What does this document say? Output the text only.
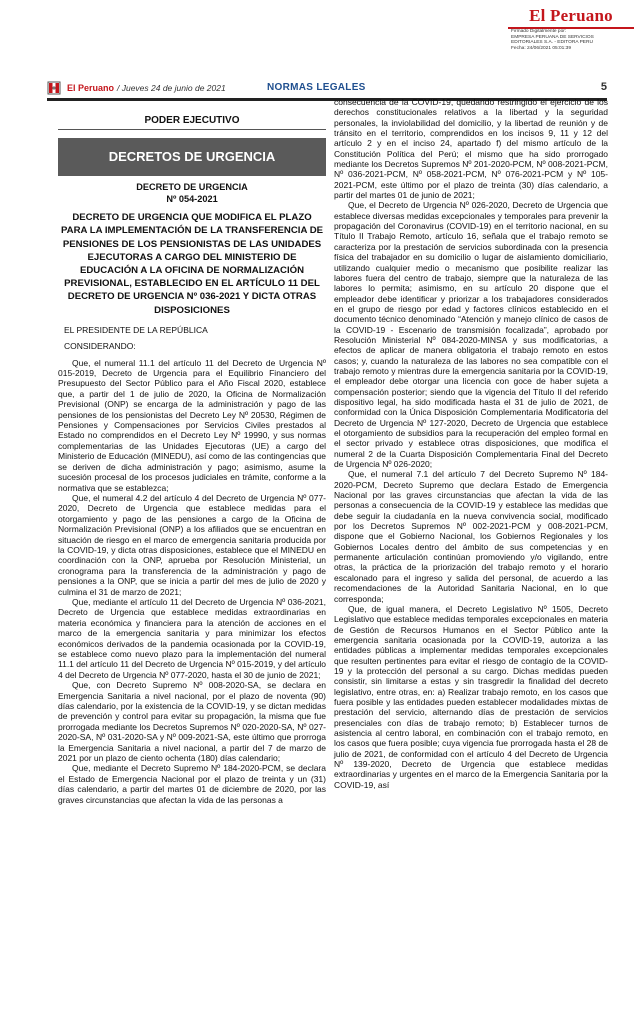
El Peruano
Firmado Digitalmente por:
EMPRESA PERUANA DE SERVICIOS
EDITORIALES S.A. - EDITORA PERU
Fecha: 24/06/2021 05:01:39
El Peruano / Jueves 24 de junio de 2021	NORMAS LEGALES	5
PODER EJECUTIVO
DECRETOS DE URGENCIA
DECRETO DE URGENCIA
Nº 054-2021
DECRETO DE URGENCIA QUE MODIFICA EL PLAZO PARA LA IMPLEMENTACIÓN DE LA TRANSFERENCIA DE PENSIONES DE LOS PENSIONISTAS DE LAS UNIDADES EJECUTORAS A CARGO DEL MINISTERIO DE EDUCACIÓN A LA OFICINA DE NORMALIZACIÓN PREVISIONAL, ESTABLECIDO EN EL ARTÍCULO 11 DEL DECRETO DE URGENCIA Nº 036-2021 Y DICTA OTRAS DISPOSICIONES

EL PRESIDENTE DE LA REPÚBLICA

CONSIDERANDO:

Que, el numeral 11.1 del artículo 11 del Decreto de Urgencia Nº 015-2019, Decreto de Urgencia para el Equilibrio Financiero del Presupuesto del Sector Público para el Año Fiscal 2020, establece que, a partir del 1 de julio de 2020, la Oficina de Normalización Previsional (ONP) se encarga de la administración y pago de las pensiones de los pensionistas del Decreto Ley Nº 20530, Régimen de Pensiones y Compensaciones por Servicios Civiles prestados al Estado no comprendidos en el Decreto Ley Nº 19990, y sus normas complementarias de las Unidades Ejecutoras (UE) a cargo del Ministerio de Educación (MINEDU), así como de las contingencias que se deriven de dicha administración y pago; asimismo, asume la sucesión procesal de los procesos judiciales en trámite, conforme a la normativa que se establezca;

Que, el numeral 4.2 del artículo 4 del Decreto de Urgencia Nº 077-2020, Decreto de Urgencia que establece medidas para el otorgamiento y pago de las pensiones a cargo de la Oficina de Normalización Previsional (ONP) a los afiliados que se encuentran en situación de riesgo en el marco de emergencia sanitaria producida por la COVID-19, y dicta otras disposiciones, establece que el MINEDU en coordinación con la ONP, aprueba por Resolución Ministerial, un cronograma para la transferencia de la administración y pago de pensiones a la ONP, que se inicia a partir del mes de julio de 2020 y culmina el 31 de marzo de 2021;

Que, mediante el artículo 11 del Decreto de Urgencia Nº 036-2021, Decreto de Urgencia que establece medidas extraordinarias en materia económica y financiera para la atención de acciones en el marco de la emergencia sanitaria y para minimizar los efectos económicos derivados de la pandemia ocasionada por la COVID-19, se establece como nuevo plazo para la implementación del numeral 11.1 del artículo 11 del Decreto de Urgencia Nº 015-2019, y del artículo 4 del Decreto de Urgencia Nº 077-2020, hasta el 30 de junio de 2021;

Que, con Decreto Supremo Nº 008-2020-SA, se declara en Emergencia Sanitaria a nivel nacional, por el plazo de noventa (90) días calendario, por la existencia de la COVID-19, y se dictan medidas de prevención y control para evitar su propagación, la misma que fue prorrogada mediante los Decretos Supremos Nº 020-2020-SA, Nº 027-2020-SA, Nº 031-2020-SA y Nº 009-2021-SA, este último que prorroga la Emergencia Sanitaria a nivel nacional, a partir del 7 de marzo de 2021 por un plazo de ciento ochenta (180) días calendario;

Que, mediante el Decreto Supremo Nº 184-2020-PCM, se declara el Estado de Emergencia Nacional por el plazo de treinta y un (31) días calendario, a partir del martes 01 de diciembre de 2020, por las graves circunstancias que afectan la vida de las personas a

consecuencia de la COVID-19, quedando restringido el ejercicio de los derechos constitucionales relativos a la libertad y la seguridad personales, la inviolabilidad del domicilio, y la libertad de reunión y de tránsito en el territorio, comprendidos en los incisos 9, 11 y 12 del artículo 2 y en el inciso 24, apartado f) del mismo artículo de la Constitución Política del Perú; el mismo que ha sido prorrogado mediante los Decretos Supremos Nº 201-2020-PCM, Nº 008-2021-PCM, Nº 036-2021-PCM, Nº 058-2021-PCM, Nº 076-2021-PCM y Nº 105-2021-PCM, este último por el plazo de treinta (30) días calendario, a partir del martes 01 de junio de 2021;

Que, el Decreto de Urgencia Nº 026-2020, Decreto de Urgencia que establece diversas medidas excepcionales y temporales para prevenir la propagación del Coronavirus (COVID-19) en el territorio nacional, en su Título II Trabajo Remoto, artículo 16, señala que el trabajo remoto se caracteriza por la prestación de servicios subordinada con la presencia física del trabajador en su domicilio o lugar de aislamiento domiciliario, utilizando cualquier medio o mecanismo que posibilite realizar las labores fuera del centro de trabajo, siempre que la naturaleza de las labores lo permita; asimismo, en su artículo 20 dispone que el empleador debe identificar y priorizar a los trabajadores considerados en el grupo de riesgo por edad y factores clínicos establecido en el documento técnico denominado “Atención y manejo clínico de casos de la COVID-19 - Escenario de transmisión focalizada”, aprobado por Resolución Ministerial Nº 084-2020-MINSA y sus modificatorias, a efectos de aplicar de manera obligatoria el trabajo remoto en estos casos; y, cuando la naturaleza de las labores no sea compatible con el trabajo remoto y mientras dure la emergencia sanitaria por la COVID-19, el empleador debe otorgar una licencia con goce de haber sujeta a compensación posterior; siendo que la vigencia del Título II del referido dispositivo legal, ha sido modificada hasta el 31 de julio de 2021, de conformidad con la Única Disposición Complementaria Modificatoria del Decreto de Urgencia Nº 127-2020, Decreto de Urgencia que establece el otorgamiento de subsidios para la recuperación del empleo formal en el sector privado y establece otras disposiciones, que modifica el numeral 2 de la Cuarta Disposición Complementaria Final del Decreto de Urgencia Nº 026-2020;

Que, el numeral 7.1 del artículo 7 del Decreto Supremo Nº 184-2020-PCM, Decreto Supremo que declara Estado de Emergencia Nacional por las graves circunstancias que afectan la vida de las personas a consecuencia de la COVID-19 y establece las medidas que debe seguir la ciudadanía en la nueva convivencia social, modificado por los Decretos Supremos Nº 002-2021-PCM y 008-2021-PCM, dispone que el Gobierno Nacional, los Gobiernos Regionales y los Gobiernos Locales dentro del ámbito de sus competencias y en permanente articulación continúan promoviendo y/o vigilando, entre otras, la práctica de la priorización del trabajo remoto y el horario escalonado para el ingreso y salida del personal, de acuerdo a las recomendaciones de la Autoridad Sanitaria Nacional, en lo que corresponda;

Que, de igual manera, el Decreto Legislativo Nº 1505, Decreto Legislativo que establece medidas temporales excepcionales en materia de Gestión de Recursos Humanos en el Sector Público ante la emergencia sanitaria ocasionada por la COVID-19, autoriza a las entidades públicas a implementar medidas temporales excepcionales que resulten pertinentes para evitar el riesgo de contagio de la COVID-19 y la protección del personal a su cargo. Dichas medidas pueden consistir, sin limitarse a estas y sin trasgredir la finalidad del decreto legislativo, entre otras, en: a) Realizar trabajo remoto, en los casos que fuera posible y las entidades pueden establecer modalidades mixtas de prestación del servicio, alternando días de prestación de servicios presenciales con días de trabajo remoto; b) Establecer turnos de asistencia al centro laboral, en combinación con el trabajo remoto, en los casos que fuera posible; cuya vigencia fue prorrogada hasta el 28 de julio de 2021, de conformidad con el artículo 4 del Decreto de Urgencia Nº 139-2020, Decreto de Urgencia que establece medidas extraordinarias y urgentes en el marco de la Emergencia Sanitaria por la COVID-19, así
